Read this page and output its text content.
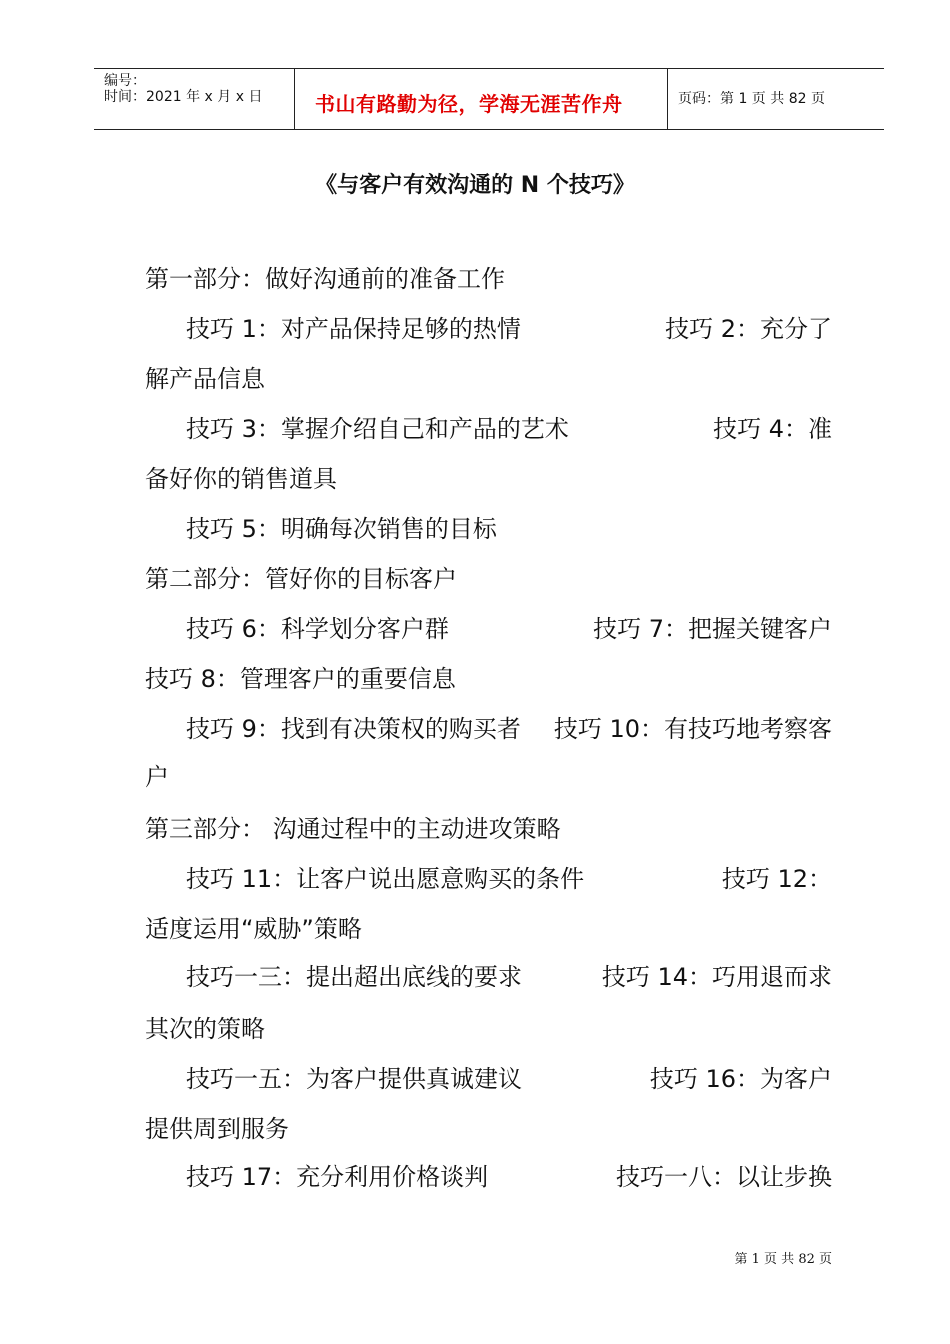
编号：
时间：2021 年 x 月 x 日	书山有路勤为径，学海无涯苦作舟	页码：第 1 页 共 82 页
《与客户有效沟通的 N 个技巧》
第一部分：做好沟通前的准备工作
技巧 1：对产品保持足够的热情	技巧 2：充分了
解产品信息
技巧 3：掌握介绍自己和产品的艺术	技巧 4：准
备好你的销售道具
技巧 5：明确每次销售的目标
第二部分：管好你的目标客户
技巧 6：科学划分客户群	技巧 7：把握关键客户
技巧 8：管理客户的重要信息
技巧 9：找到有决策权的购买者 技巧 10：有技巧地考察客
户
第三部分： 沟通过程中的主动进攻策略
技巧 11：让客户说出愿意购买的条件	技巧 12：
适度运用“威胁”策略
技巧一三：提出超出底线的要求	技巧 14：巧用退而求
其次的策略
技巧一五：为客户提供真诚建议	技巧 16：为客户
提供周到服务
技巧 17：充分利用价格谈判	技巧一八：以让步换
第 1 页 共 82 页
